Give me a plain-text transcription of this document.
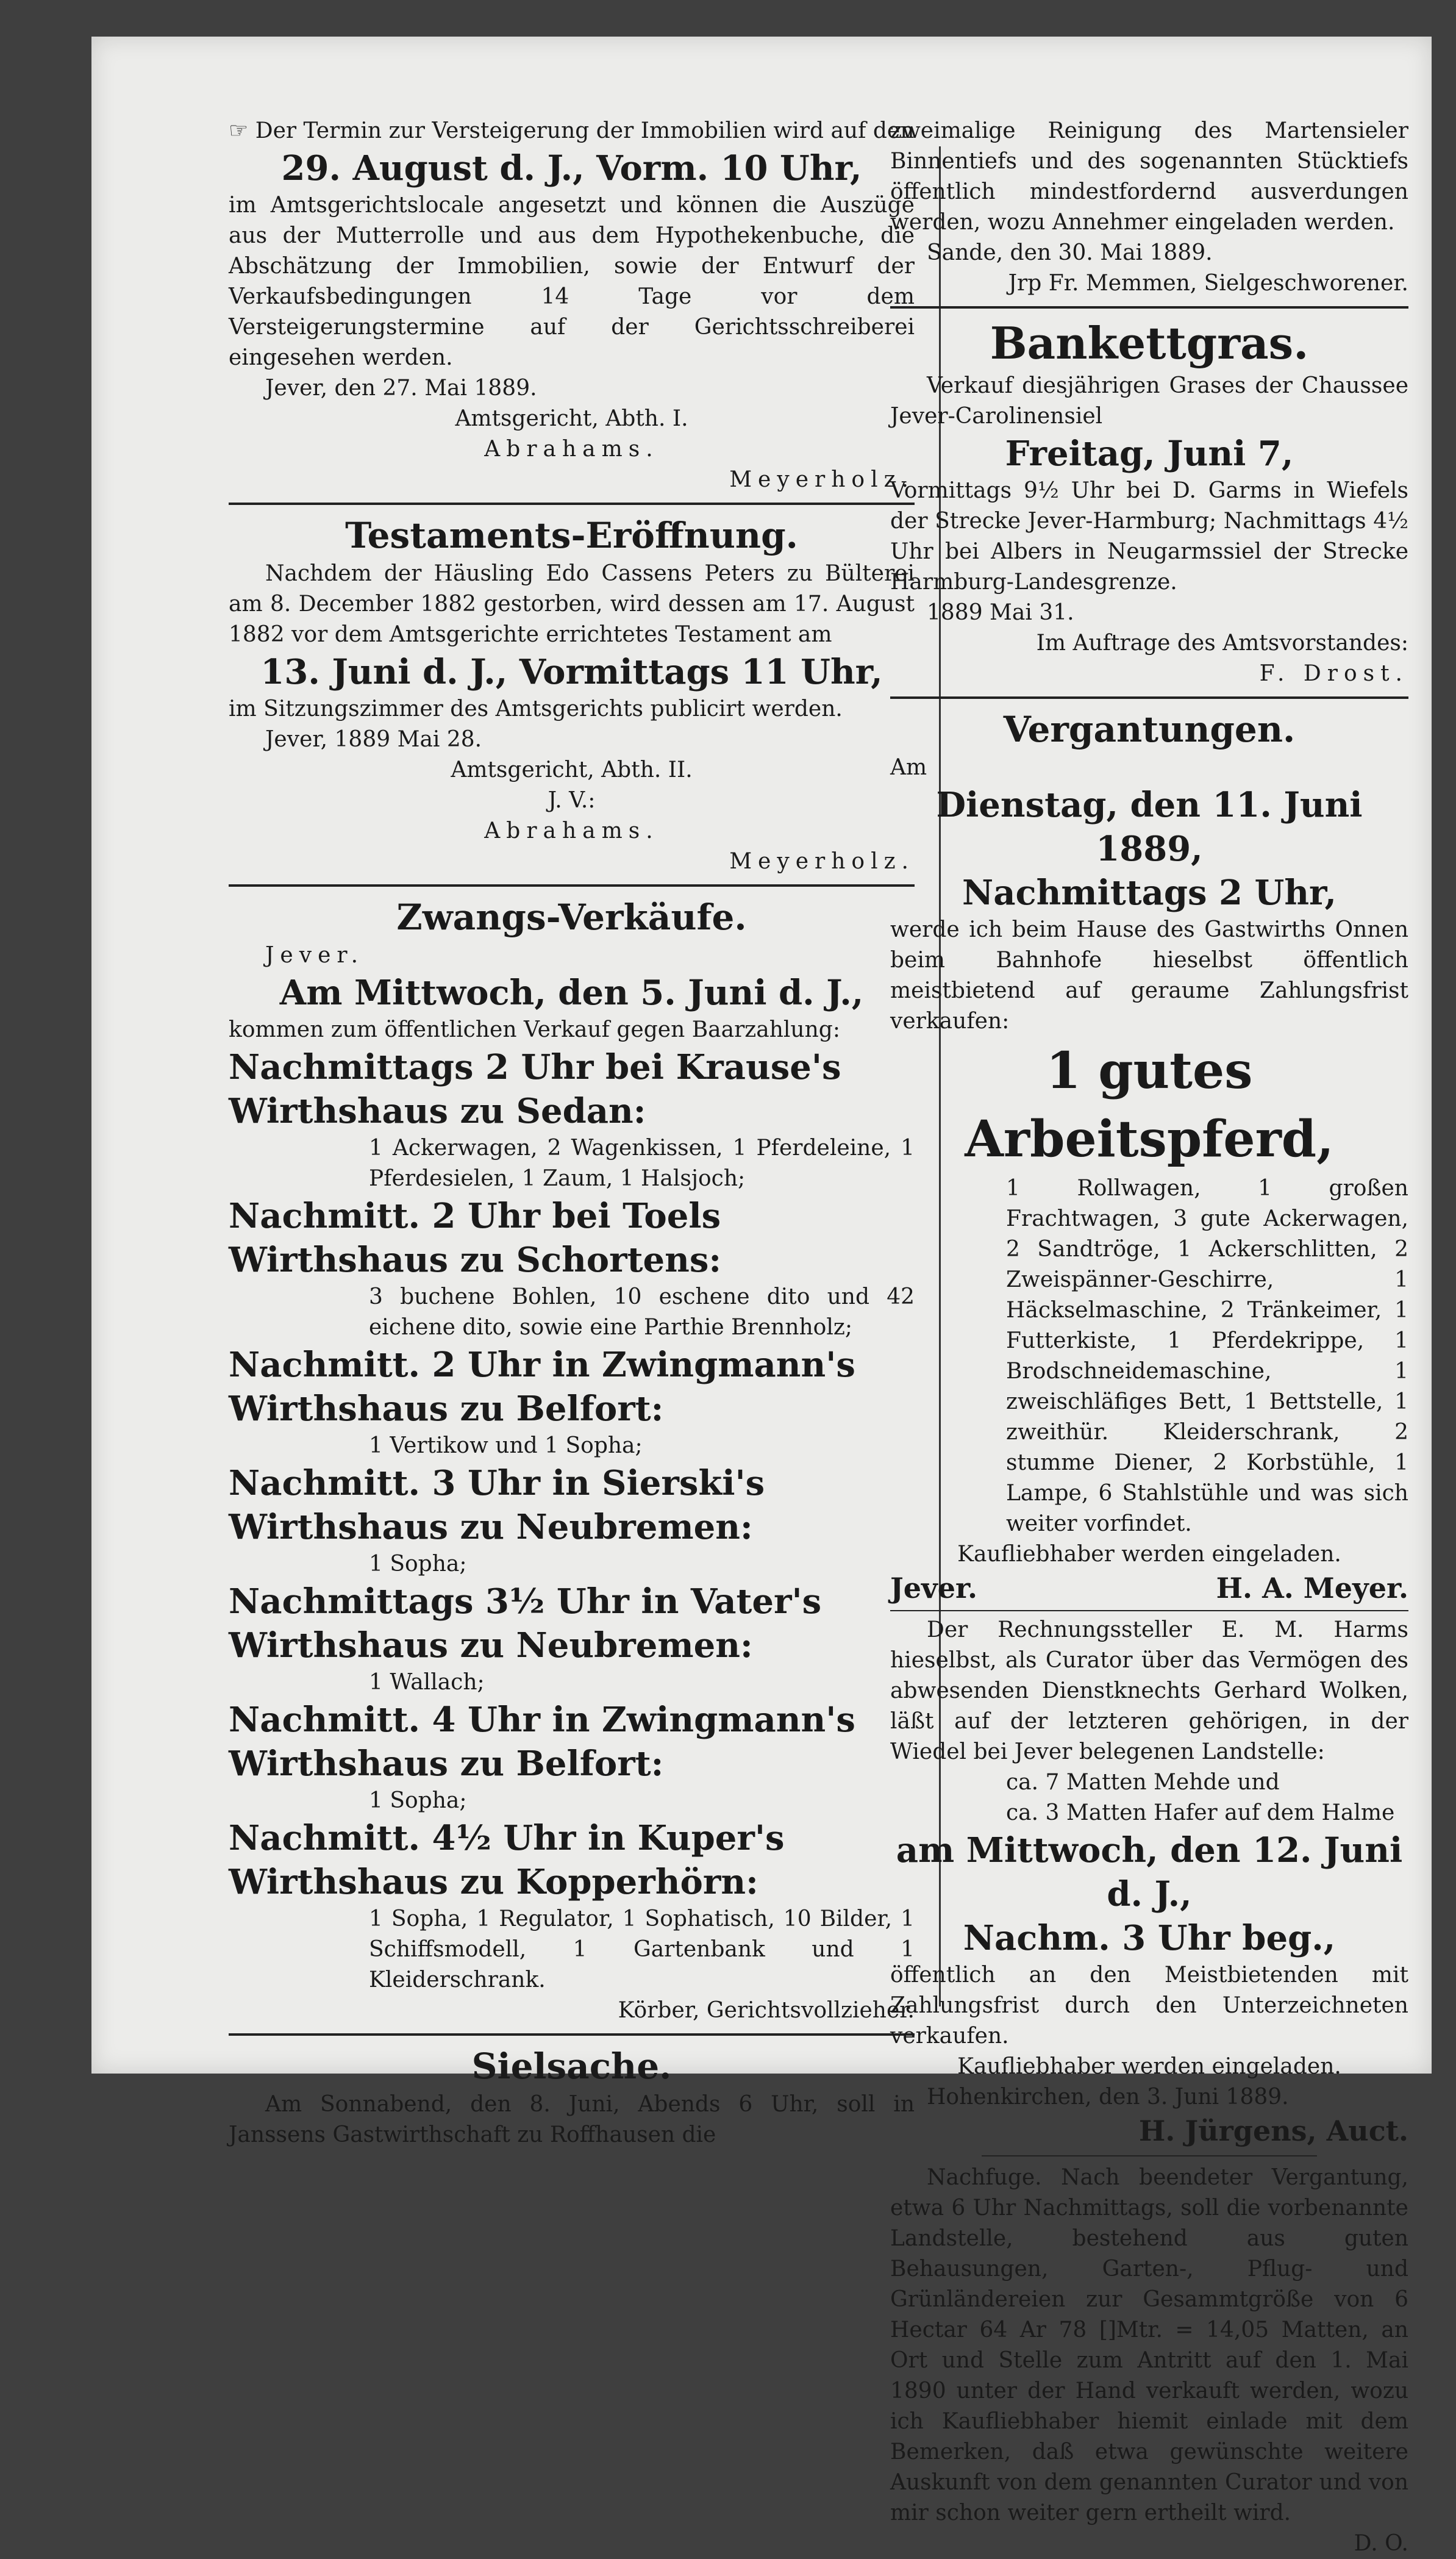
☞ Der Termin zur Versteigerung der Immobilien wird auf den

29. August d. J., Vorm. 10 Uhr,

im Amtsgerichtslocale angesetzt und können die Auszüge aus der Mutterrolle und aus dem Hypothekenbuche, die Abschätzung der Immobilien, sowie der Entwurf der Verkaufsbedingungen 14 Tage vor dem Versteigerungstermine auf der Gerichtsschreiberei eingesehen werden.

Jever, den 27. Mai 1889.

Amtsgericht, Abth. I.

Abrahams.

Meyerholz.

Testaments-Eröffnung.

Nachdem der Häusling Edo Cassens Peters zu Bülterei am 8. December 1882 gestorben, wird dessen am 17. August 1882 vor dem Amtsgerichte errichtetes Testament am

13. Juni d. J., Vormittags 11 Uhr,

im Sitzungszimmer des Amtsgerichts publicirt werden.

Jever, 1889 Mai 28.

Amtsgericht, Abth. II.

J. V.:

Abrahams.

Meyerholz.

Zwangs-Verkäufe.

Jever.

Am Mittwoch, den 5. Juni d. J.,

kommen zum öffentlichen Verkauf gegen Baarzahlung:

Nachmittags 2 Uhr bei Krause's Wirthshaus zu Sedan:

1 Ackerwagen, 2 Wagenkissen, 1 Pferdeleine, 1 Pferdesielen, 1 Zaum, 1 Halsjoch;

Nachmitt. 2 Uhr bei Toels Wirthshaus zu Schortens:

3 buchene Bohlen, 10 eschene dito und 42 eichene dito, sowie eine Parthie Brennholz;

Nachmitt. 2 Uhr in Zwingmann's Wirthshaus zu Belfort:

1 Vertikow und 1 Sopha;

Nachmitt. 3 Uhr in Sierski's Wirthshaus zu Neubremen:

1 Sopha;

Nachmittags 3½ Uhr in Vater's Wirthshaus zu Neubremen:

1 Wallach;

Nachmitt. 4 Uhr in Zwingmann's Wirthshaus zu Belfort:

1 Sopha;

Nachmitt. 4½ Uhr in Kuper's Wirthshaus zu Kopperhörn:

1 Sopha, 1 Regulator, 1 Sophatisch, 10 Bilder, 1 Schiffsmodell, 1 Gartenbank und 1 Kleiderschrank.

Körber, Gerichtsvollzieher.

Sielsache.

Am Sonnabend, den 8. Juni, Abends 6 Uhr, soll in Janssens Gastwirthschaft zu Roffhausen die

zweimalige Reinigung des Martensieler Binnentiefs und des sogenannten Stücktiefs öffentlich mindestfordernd ausverdungen werden, wozu Annehmer eingeladen werden.

Sande, den 30. Mai 1889.

Jrp Fr. Memmen, Sielgeschworener.

Bankettgras.

Verkauf diesjährigen Grases der Chaussee Jever-Carolinensiel

Freitag, Juni 7,

Vormittags 9½ Uhr bei D. Garms in Wiefels der Strecke Jever-Harmburg; Nachmittags 4½ Uhr bei Albers in Neugarmssiel der Strecke Harmburg-Landesgrenze.

1889 Mai 31.

Im Auftrage des Amtsvorstandes:

F. Drost.

Vergantungen.

Am

Dienstag, den 11. Juni 1889,

Nachmittags 2 Uhr,

werde ich beim Hause des Gastwirths Onnen beim Bahnhofe hieselbst öffentlich meistbietend auf geraume Zahlungsfrist verkaufen:

1 gutes Arbeitspferd,

1 Rollwagen, 1 großen Frachtwagen, 3 gute Ackerwagen, 2 Sandtröge, 1 Ackerschlitten, 2 Zweispänner-Geschirre, 1 Häckselmaschine, 2 Tränkeimer, 1 Futterkiste, 1 Pferdekrippe, 1 Brodschneidemaschine, 1 zweischläfiges Bett, 1 Bettstelle, 1 zweithür. Kleiderschrank, 2 stumme Diener, 2 Korbstühle, 1 Lampe, 6 Stahlstühle und was sich weiter vorfindet.

Kaufliebhaber werden eingeladen.

Jever.	H. A. Meyer.

Der Rechnungssteller E. M. Harms hieselbst, als Curator über das Vermögen des abwesenden Dienstknechts Gerhard Wolken, läßt auf der letzteren gehörigen, in der Wiedel bei Jever belegenen Landstelle:

ca. 7 Matten Mehde und

ca. 3 Matten Hafer auf dem Halme

am Mittwoch, den 12. Juni d. J.,

Nachm. 3 Uhr beg.,

öffentlich an den Meistbietenden mit Zahlungsfrist durch den Unterzeichneten verkaufen.

Kaufliebhaber werden eingeladen.

Hohenkirchen, den 3. Juni 1889.

H. Jürgens, Auct.

Nachfuge. Nach beendeter Vergantung, etwa 6 Uhr Nachmittags, soll die vorbenannte Landstelle, bestehend aus guten Behausungen, Garten-, Pflug- und Grünländereien zur Gesammtgröße von 6 Hectar 64 Ar 78 []Mtr. = 14,05 Matten, an Ort und Stelle zum Antritt auf den 1. Mai 1890 unter der Hand verkauft werden, wozu ich Kaufliebhaber hiemit einlade mit dem Bemerken, daß etwa gewünschte weitere Auskunft von dem genannten Curator und von mir schon weiter gern ertheilt wird.

D. O.
